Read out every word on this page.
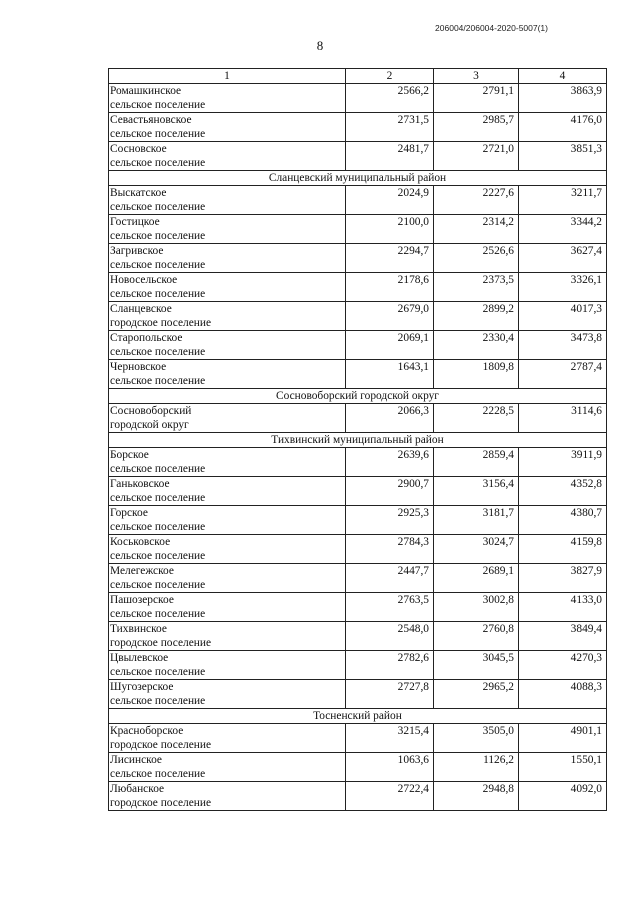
206004/206004-2020-5007(1)
8
1	2	3	4
Ромашкинское
сельское поселение	2566,2	2791,1	3863,9
Севастьяновское
сельское поселение	2731,5	2985,7	4176,0
Сосновское
сельское поселение	2481,7	2721,0	3851,3
Сланцевский муниципальный район			
Выскатское
сельское поселение	2024,9	2227,6	3211,7
Гостицкое
сельское поселение	2100,0	2314,2	3344,2
Загривское
сельское поселение	2294,7	2526,6	3627,4
Новосельское
сельское поселение	2178,6	2373,5	3326,1
Сланцевское
городское поселение	2679,0	2899,2	4017,3
Старопольское
сельское поселение	2069,1	2330,4	3473,8
Черновское
сельское поселение	1643,1	1809,8	2787,4
Сосновоборский городской округ			
Сосновоборский
городской округ	2066,3	2228,5	3114,6
Тихвинский муниципальный район			
Борское
сельское поселение	2639,6	2859,4	3911,9
Ганьковское
сельское поселение	2900,7	3156,4	4352,8
Горское
сельское поселение	2925,3	3181,7	4380,7
Коськовское
сельское поселение	2784,3	3024,7	4159,8
Мелегежское
сельское поселение	2447,7	2689,1	3827,9
Пашозерское
сельское поселение	2763,5	3002,8	4133,0
Тихвинское
городское поселение	2548,0	2760,8	3849,4
Цвылевское
сельское поселение	2782,6	3045,5	4270,3
Шугозерское
сельское поселение	2727,8	2965,2	4088,3
Тосненский район			
Красноборское
городское поселение	3215,4	3505,0	4901,1
Лисинское
сельское поселение	1063,6	1126,2	1550,1
Любанское
городское поселение	2722,4	2948,8	4092,0
